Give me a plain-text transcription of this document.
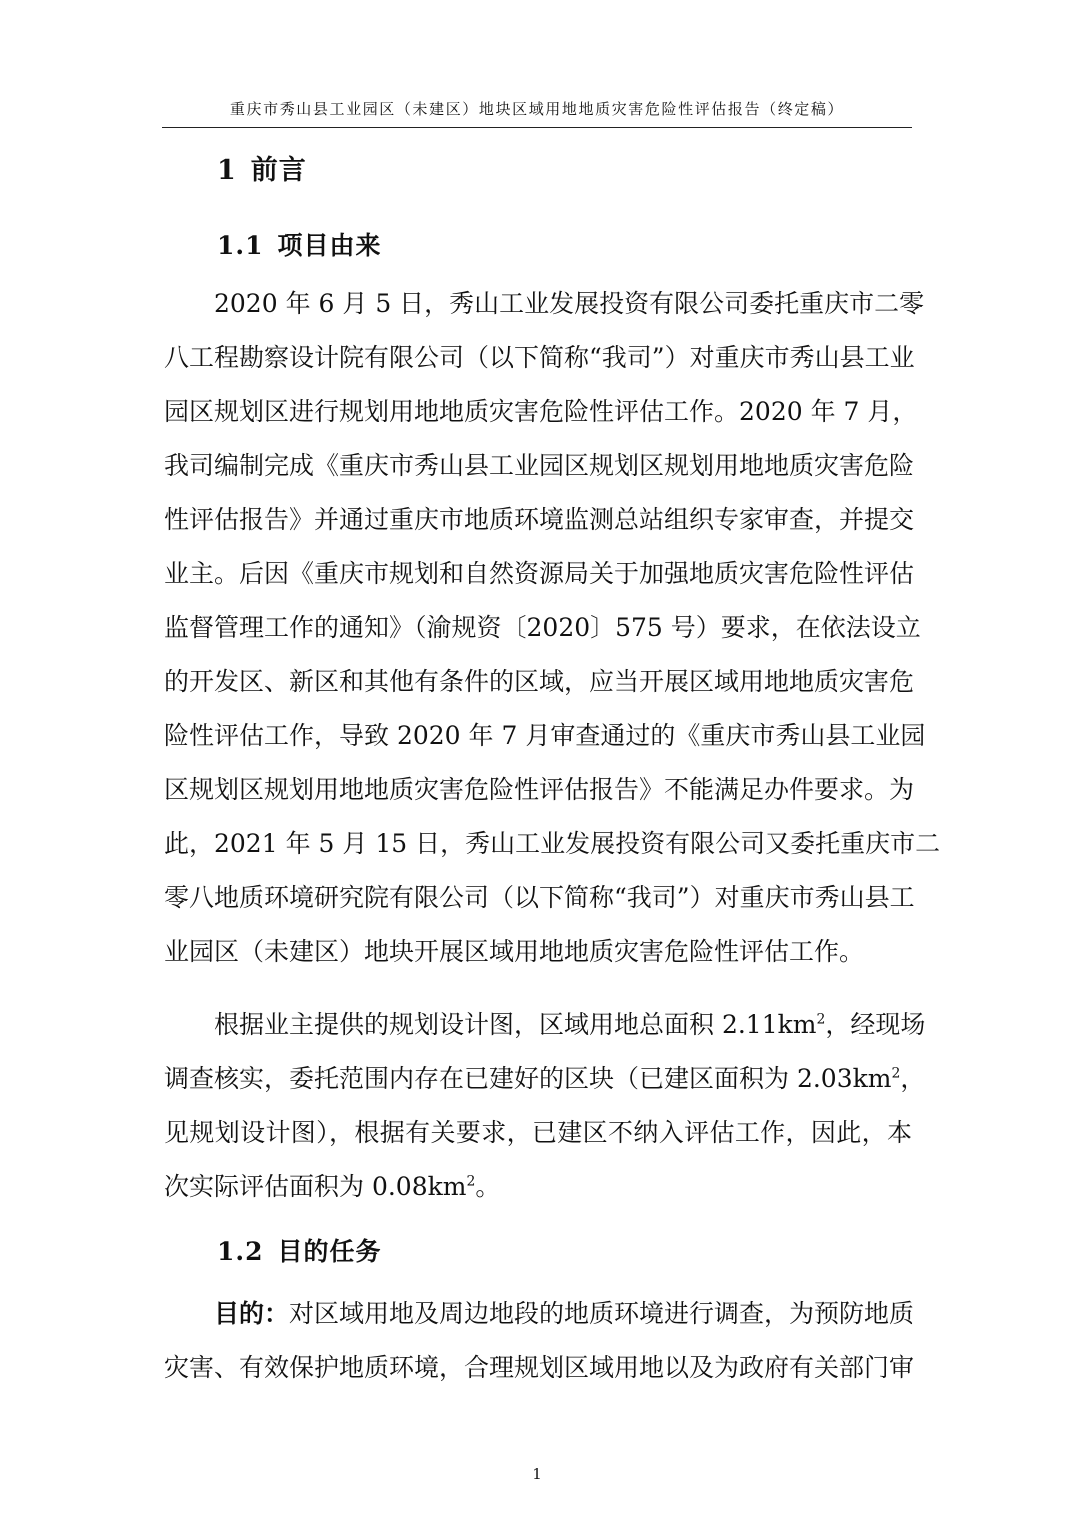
重庆市秀山县工业园区（未建区）地块区域用地地质灾害危险性评估报告（终定稿）
1 前言
1.1 项目由来

2020 年 6 月 5 日，秀山工业发展投资有限公司委托重庆市二零
八工程勘察设计院有限公司（以下简称“我司”）对重庆市秀山县工业
园区规划区进行规划用地地质灾害危险性评估工作。2020 年 7 月，
我司编制完成《重庆市秀山县工业园区规划区规划用地地质灾害危险
性评估报告》并通过重庆市地质环境监测总站组织专家审查，并提交
业主。后因《重庆市规划和自然资源局关于加强地质灾害危险性评估
监督管理工作的通知》（渝规资〔2020〕575 号）要求，在依法设立
的开发区、新区和其他有条件的区域，应当开展区域用地地质灾害危
险性评估工作，导致 2020 年 7 月审查通过的《重庆市秀山县工业园
区规划区规划用地地质灾害危险性评估报告》不能满足办件要求。为
此，2021 年 5 月 15 日，秀山工业发展投资有限公司又委托重庆市二
零八地质环境研究院有限公司（以下简称“我司”）对重庆市秀山县工
业园区（未建区）地块开展区域用地地质灾害危险性评估工作。

根据业主提供的规划设计图，区域用地总面积 $2.11km^2$，经现场
调查核实，委托范围内存在已建好的区块（已建区面积为 $2.03km^2$，
见规划设计图），根据有关要求，已建区不纳入评估工作，因此，本
次实际评估面积为 $0.08km^2$。

1.2 目的任务

目的：对区域用地及周边地段的地质环境进行调查，为预防地质
灾害、有效保护地质环境，合理规划区域用地以及为政府有关部门审

1
